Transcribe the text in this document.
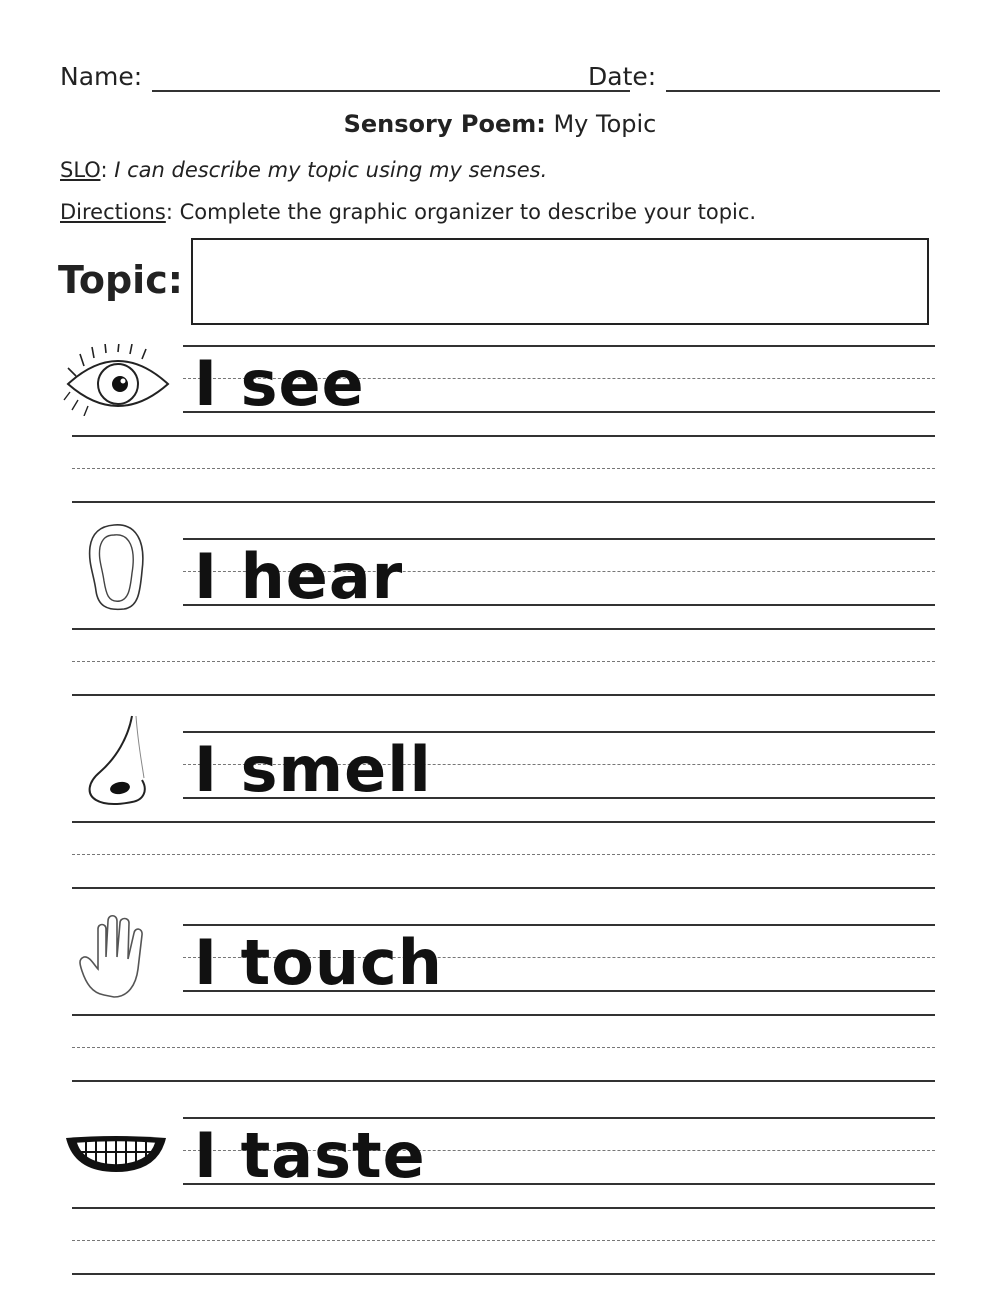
Name:	Date:
Sensory Poem: My Topic
SLO: I can describe my topic using my senses.
Directions: Complete the graphic organizer to describe your topic.
Topic:
I see
I hear
I smell
I touch
I taste
